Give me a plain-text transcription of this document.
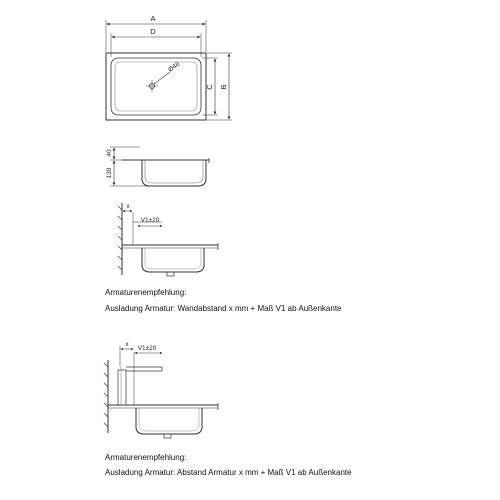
A
D
C B
Ø46
40
130
x
V1±20
x
V1±20
Armaturenempfehlung:
Ausladung Armatur: Wandabstand x mm + Maß V1 ab Außenkante
Armaturenempfehlung:
Ausladung Armatur: Abstand Armatur x mm + Maß V1 ab Außenkante
